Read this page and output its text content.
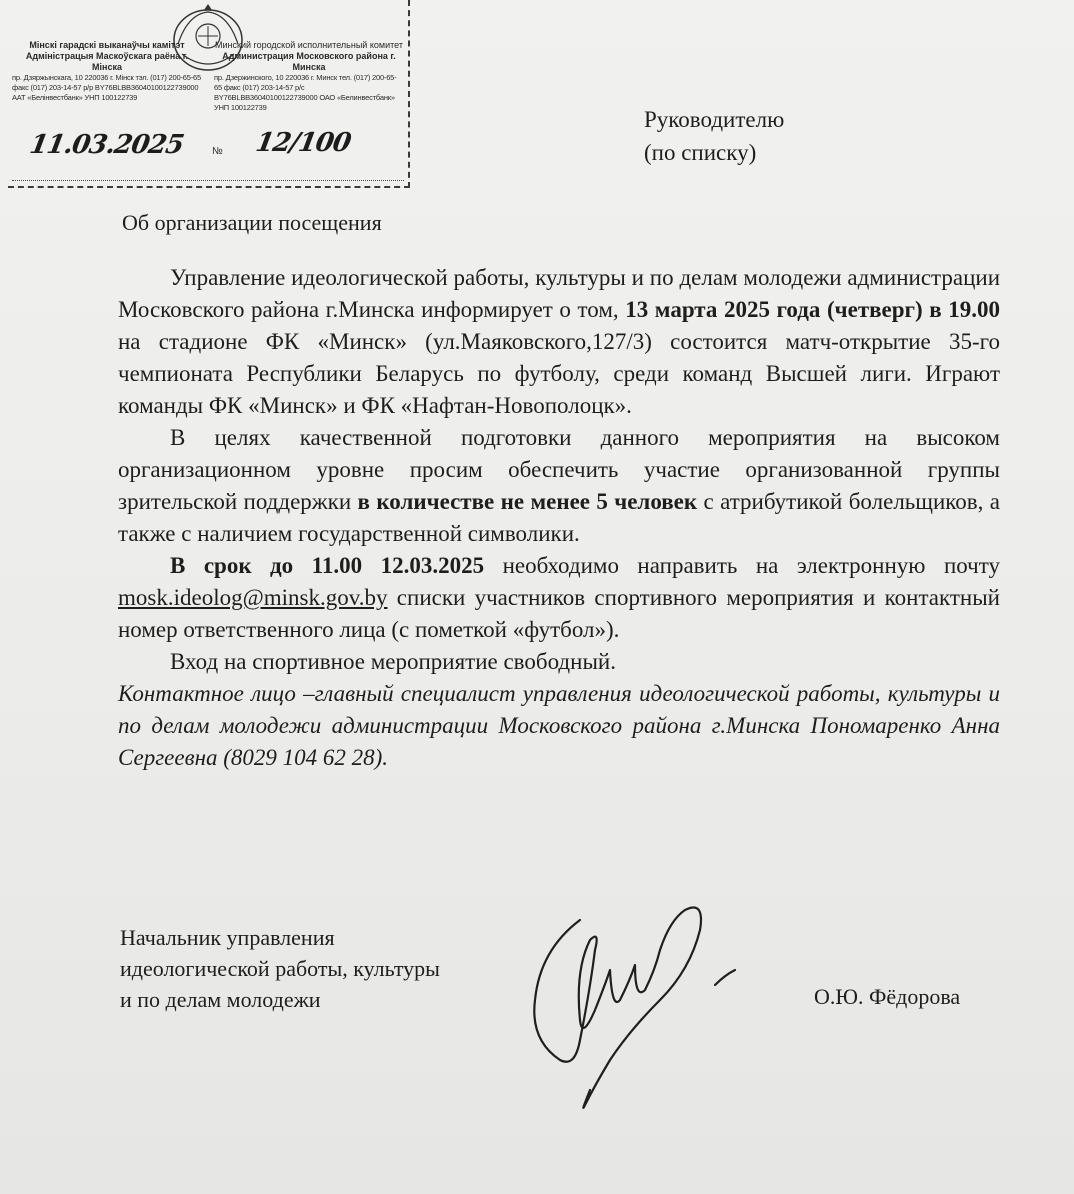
Мінскі гарадскі выканаўчы камітэт Адміністрацыя Маскоўскага раёна г. Мінска
пр. Дзяржынскага, 10 220036 г. Мінск тэл. (017) 200-65-65 факс (017) 203-14-57 р/р BY76BLBB36040100122739000 ААТ «Белінвестбанк» УНП 100122739
Минский городской исполнительный комитет
Администрация Московского района г. Минска
пр. Дзержинского, 10 220036 г. Минск тел. (017) 200-65-65 факс (017) 203-14-57 р/с BY76BLBB36040100122739000 ОАО «Белинвестбанк» УНП 100122739
11.03.2025	№ 12/100
Руководителю
(по списку)
Об организации посещения

Управление идеологической работы, культуры и по делам молодежи администрации Московского района г.Минска информирует о том, 13 марта 2025 года (четверг) в 19.00 на стадионе ФК «Минск» (ул.Маяковского,127/3) состоится матч-открытие 35-го чемпионата Республики Беларусь по футболу, среди команд Высшей лиги. Играют команды ФК «Минск» и ФК «Нафтан-Новополоцк».

В целях качественной подготовки данного мероприятия на высоком организационном уровне просим обеспечить участие организованной группы зрительской поддержки в количестве не менее 5 человек с атрибутикой болельщиков, а также с наличием государственной символики.

В срок до 11.00 12.03.2025 необходимо направить на электронную почту mosk.ideolog@minsk.gov.by списки участников спортивного мероприятия и контактный номер ответственного лица (с пометкой «футбол»).

Вход на спортивное мероприятие свободный.

Контактное лицо –главный специалист управления идеологической работы, культуры и по делам молодежи администрации Московского района г.Минска Пономаренко Анна Сергеевна (8029 104 62 28).

Начальник управления
идеологической работы, культуры
и по делам молодежи	О.Ю. Фёдорова
